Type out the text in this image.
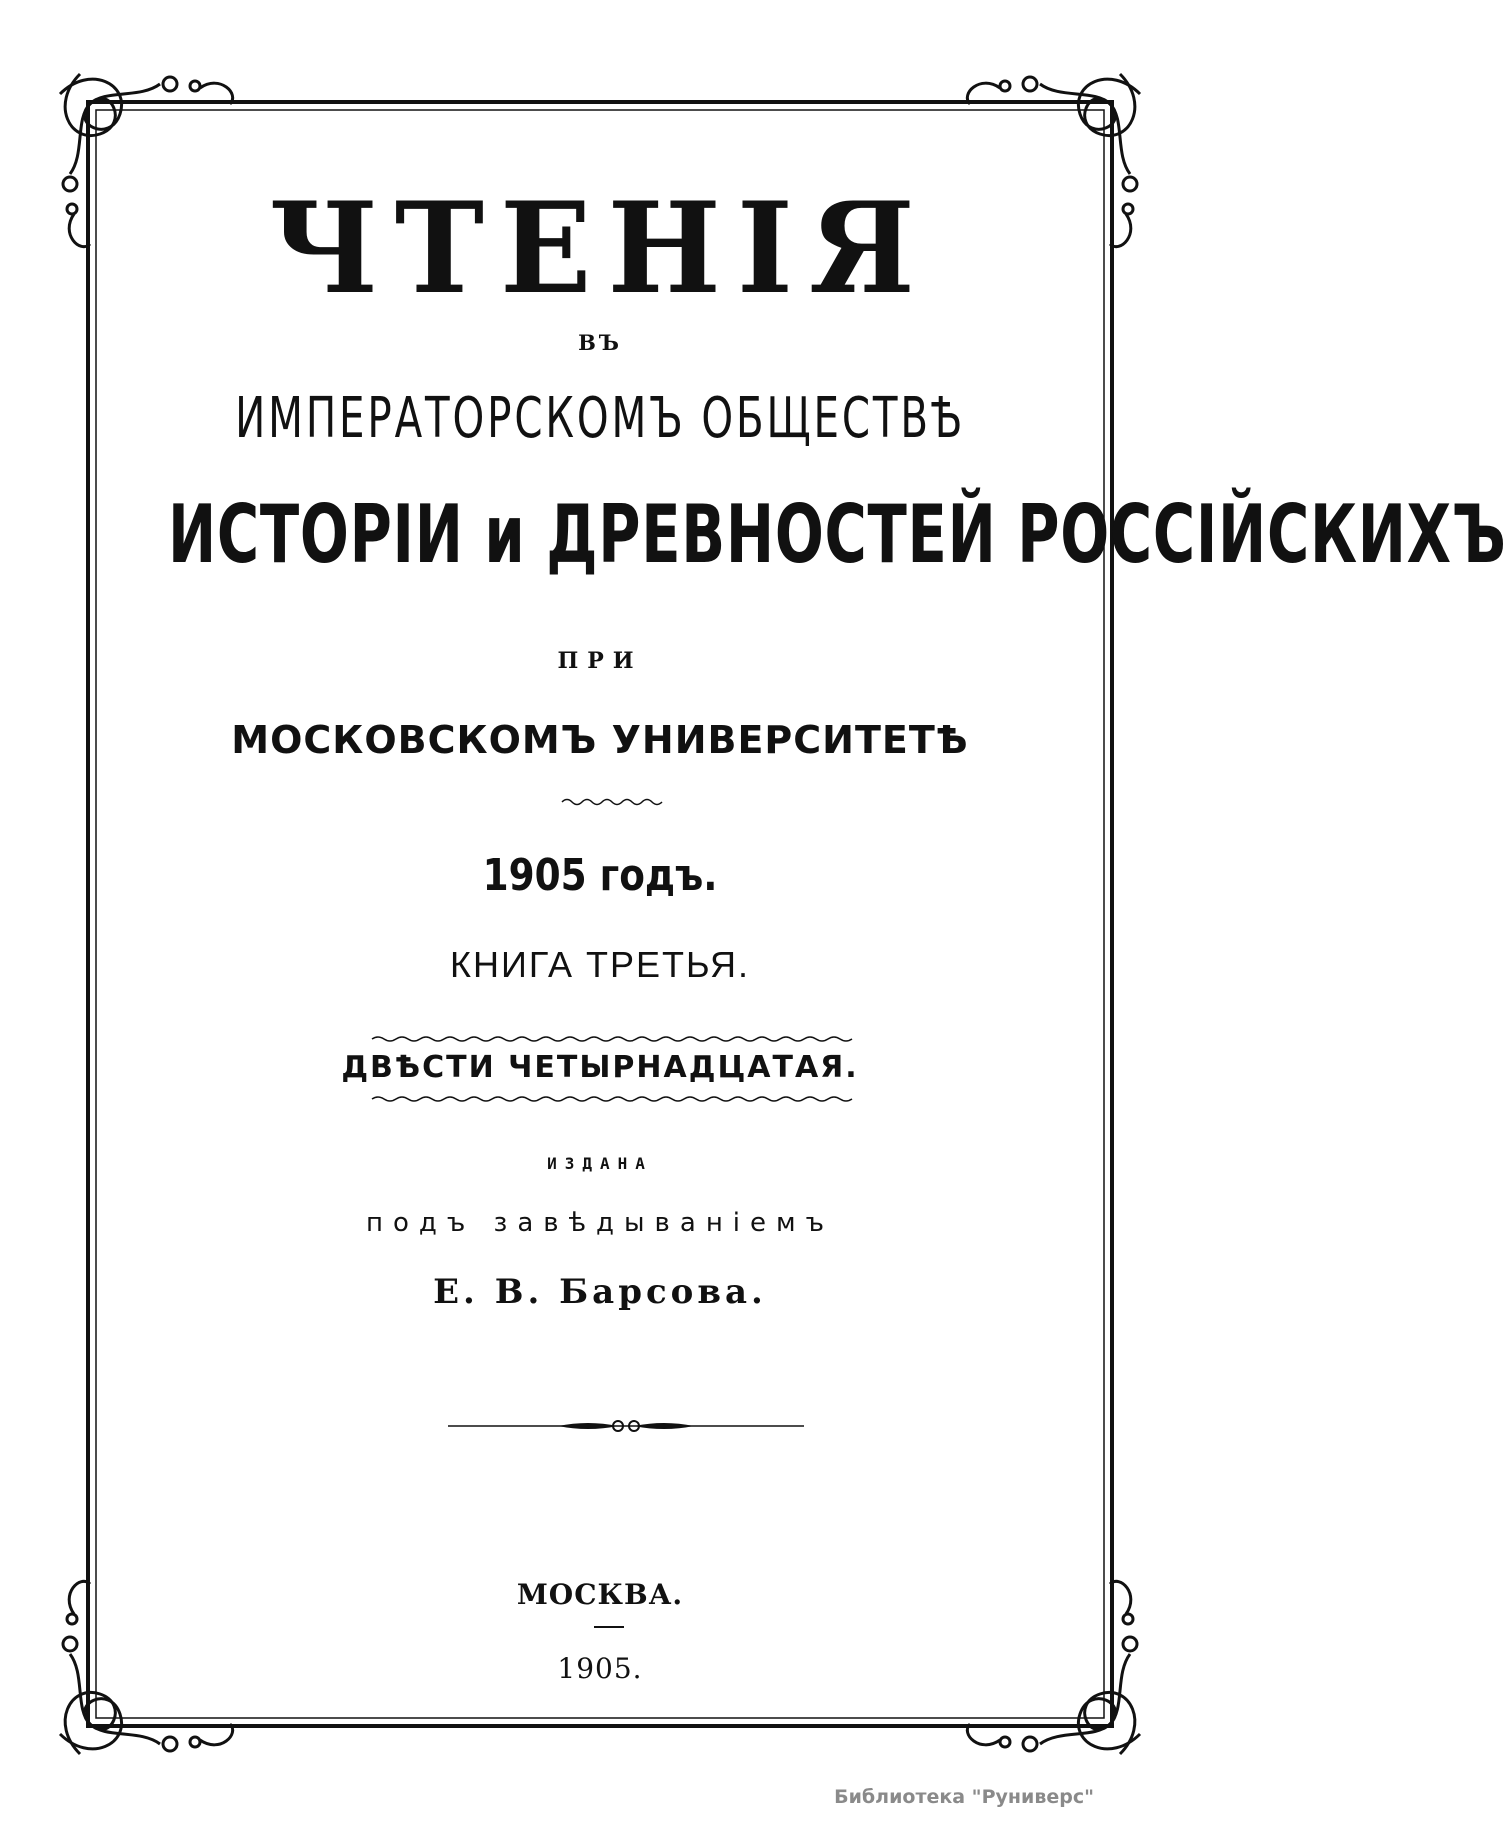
ЧТЕНІЯ
ВЪ
ИМПЕРАТОРСКОМЪ ОБЩЕСТВѢ
ИСТОРІИ и ДРЕВНОСТЕЙ РОССІЙСКИХЪ
ПРИ
МОСКОВСКОМЪ УНИВЕРСИТЕТѢ
1905 годъ.
КНИГА ТРЕТЬЯ.
ДВѢСТИ ЧЕТЫРНАДЦАТАЯ.
ИЗДАНА
подъ завѣдываніемъ
Е. В. Барсова.
МОСКВА.
1905.
Библиотека "Руниверс"
